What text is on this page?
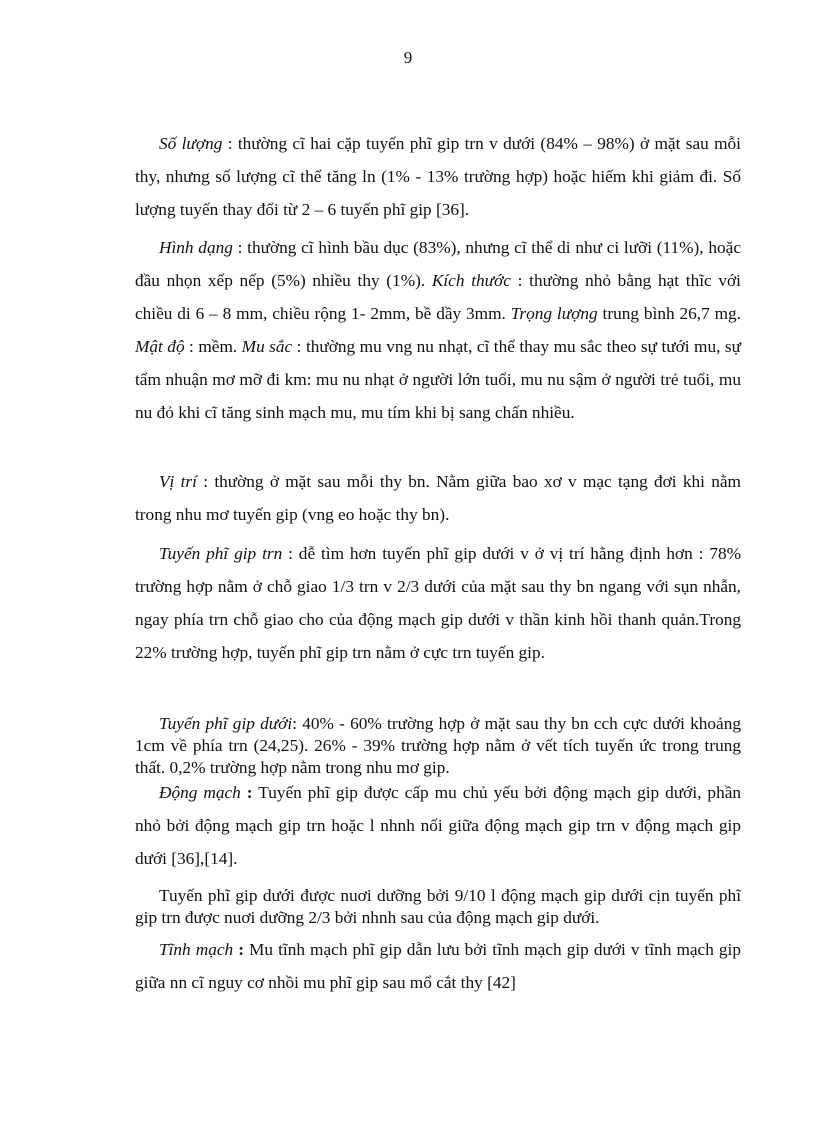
9

Số lượng : thường cĩ hai cặp tuyến phĩ gip trn v dưới (84% – 98%) ở mặt sau mỗi thy, nhưng số lượng cĩ thể tăng ln (1% - 13% trường hợp) hoặc hiếm khi giảm đi. Số lượng tuyến thay đổi từ 2 – 6 tuyến phĩ gip [36].

Hình dạng : thường cĩ hình bầu dục (83%), nhưng cĩ thể di như ci lưỡi (11%), hoặc đầu nhọn xếp nếp (5%) nhiều thy (1%). Kích thước : thường nhỏ bằng hạt thĩc với chiều di 6 – 8 mm, chiều rộng 1- 2mm, bề dầy 3mm. Trọng lượng trung bình 26,7 mg. Mật độ : mềm. Mu sắc : thường mu vng nu nhạt, cĩ thể thay mu sắc theo sự tưới mu, sự tẩm nhuận mơ mỡ đi km: mu nu nhạt ở người lớn tuổi, mu nu sậm ở người trẻ tuổi, mu nu đỏ khi cĩ tăng sinh mạch mu, mu tím khi bị sang chấn nhiều.

Vị trí : thường ở mặt sau mỗi thy bn. Nằm giữa bao xơ v mạc tạng đơi khi nằm trong nhu mơ tuyến gip (vng eo hoặc thy bn).

Tuyến phĩ gip trn : dễ tìm hơn tuyến phĩ gip dưới v ở vị trí hằng định hơn : 78% trường hợp nằm ở chỗ giao 1/3 trn v 2/3 dưới của mặt sau thy bn ngang với sụn nhẫn, ngay phía trn chỗ giao cho của động mạch gip dưới v thần kinh hồi thanh quản.Trong 22% trường hợp, tuyến phĩ gip trn nằm ở cực trn tuyến gip.

Tuyến phĩ gip dưới: 40% - 60% trường hợp ở mặt sau thy bn cch cực dưới khoảng 1cm về phía trn (24,25). 26% - 39% trường hợp nằm ở vết tích tuyến ức trong trung thất. 0,2% trường hợp nằm trong nhu mơ gip.

Động mạch : Tuyến phĩ gip được cấp mu chủ yếu bởi động mạch gip dưới, phần nhỏ bởi động mạch gip trn hoặc l nhnh nối giữa động mạch gip trn v động mạch gip dưới [36],[14].

Tuyến phĩ gip dưới được nuơi dưỡng bởi 9/10 l động mạch gip dưới cịn tuyến phĩ gip trn được nuơi dưỡng 2/3 bởi nhnh sau của động mạch gip dưới.

Tĩnh mạch : Mu tĩnh mạch phĩ gip dẫn lưu bởi tĩnh mạch gip dưới v tĩnh mạch gip giữa nn cĩ nguy cơ nhồi mu phĩ gip sau mổ cắt thy [42]
